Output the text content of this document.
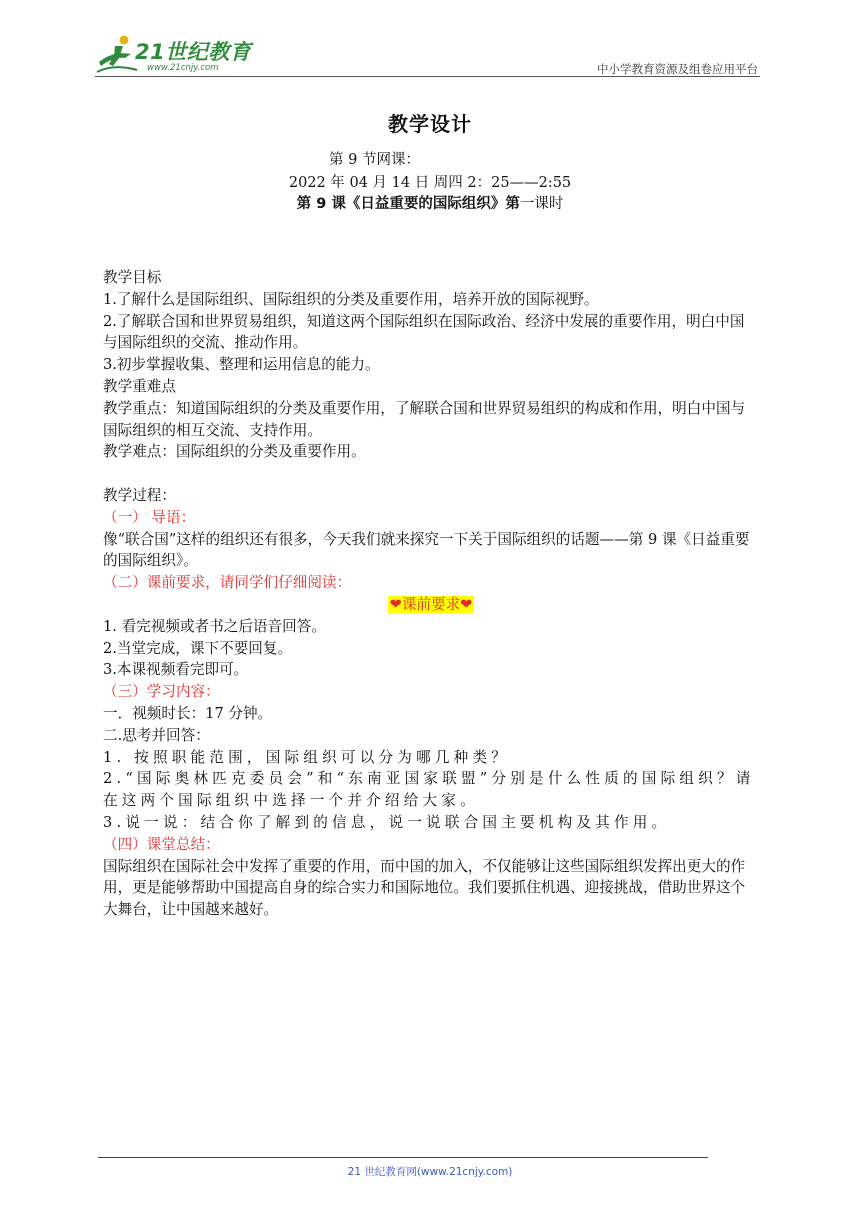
21世纪教育
www.21cnjy.com	中小学教育资源及组卷应用平台
教学设计
第 9 节网课：
2022 年 04 月 14 日 周四 2：25——2:55
第 9 课《日益重要的国际组织》第一课时
教学目标
1.了解什么是国际组织、国际组织的分类及重要作用，培养开放的国际视野。
2.了解联合国和世界贸易组织，知道这两个国际组织在国际政治、经济中发展的重要作用，明白中国与国际组织的交流、推动作用。
3.初步掌握收集、整理和运用信息的能力。
教学重难点
教学重点：知道国际组织的分类及重要作用，了解联合国和世界贸易组织的构成和作用，明白中国与国际组织的相互交流、支持作用。
教学难点：国际组织的分类及重要作用。
教学过程：
（一） 导语：
像“联合国”这样的组织还有很多，今天我们就来探究一下关于国际组织的话题——第 9 课《日益重要的国际组织》。
（二）课前要求，请同学们仔细阅读：
❤课前要求❤
1. 看完视频或者书之后语音回答。
2.当堂完成，课下不要回复。
3.本课视频看完即可。
（三）学习内容：
一．视频时长：17 分钟。
二.思考并回答：
1. 按照职能范围，国际组织可以分为哪几种类？
2.“国际奥林匹克委员会”和“东南亚国家联盟”分别是什么性质的国际组织？请在这两个国际组织中选择一个并介绍给大家。
3.说一说：结合你了解到的信息，说一说联合国主要机构及其作用。
（四）课堂总结：
国际组织在国际社会中发挥了重要的作用，而中国的加入，不仅能够让这些国际组织发挥出更大的作用，更是能够帮助中国提高自身的综合实力和国际地位。我们要抓住机遇、迎接挑战，借助世界这个大舞台，让中国越来越好。
21 世纪教育网(www.21cnjy.com)
